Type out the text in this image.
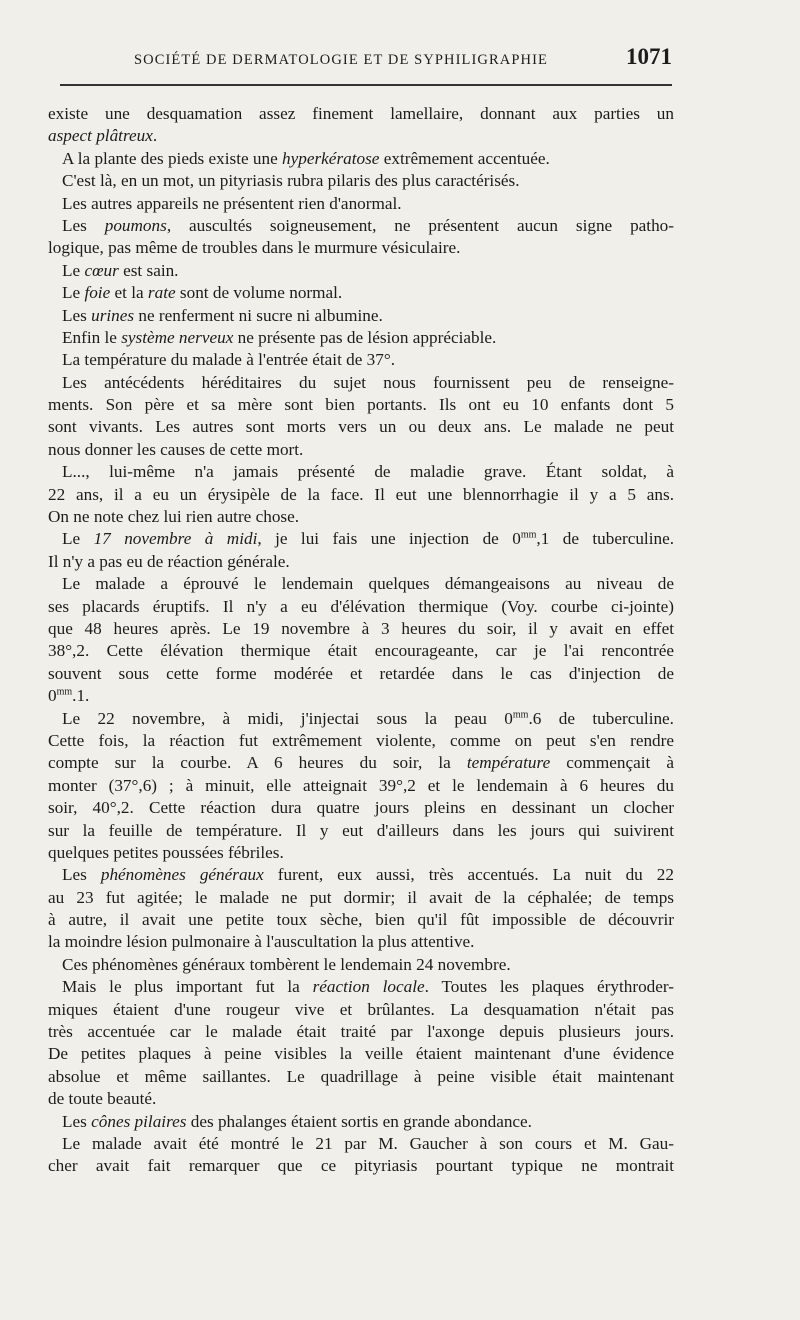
SOCIÉTÉ DE DERMATOLOGIE ET DE SYPHILIGRAPHIE	1071
existe une desquamation assez finement lamellaire, donnant aux parties un
aspect plâtreux.
A la plante des pieds existe une hyperkératose extrêmement accentuée.
C'est là, en un mot, un pityriasis rubra pilaris des plus caractérisés.
Les autres appareils ne présentent rien d'anormal.
Les poumons, auscultés soigneusement, ne présentent aucun signe patho-
logique, pas même de troubles dans le murmure vésiculaire.
Le cœur est sain.
Le foie et la rate sont de volume normal.
Les urines ne renferment ni sucre ni albumine.
Enfin le système nerveux ne présente pas de lésion appréciable.
La température du malade à l'entrée était de 37°.
Les antécédents héréditaires du sujet nous fournissent peu de renseigne-
ments. Son père et sa mère sont bien portants. Ils ont eu 10 enfants dont 5
sont vivants. Les autres sont morts vers un ou deux ans. Le malade ne peut
nous donner les causes de cette mort.
L..., lui-même n'a jamais présenté de maladie grave. Étant soldat, à
22 ans, il a eu un érysipèle de la face. Il eut une blennorrhagie il y a 5 ans.
On ne note chez lui rien autre chose.
Le 17 novembre à midi, je lui fais une injection de $0^{mm},1$ de tuberculine.
Il n'y a pas eu de réaction générale.
Le malade a éprouvé le lendemain quelques démangeaisons au niveau de
ses placards éruptifs. Il n'y a eu d'élévation thermique (Voy. courbe ci-jointe)
que 48 heures après. Le 19 novembre à 3 heures du soir, il y avait en effet
38°,2. Cette élévation thermique était encourageante, car je l'ai rencontrée
souvent sous cette forme modérée et retardée dans le cas d'injection de
$0^{mm}.1$.
Le 22 novembre, à midi, j'injectai sous la peau $0^{mm}.6$ de tuberculine.
Cette fois, la réaction fut extrêmement violente, comme on peut s'en rendre
compte sur la courbe. A 6 heures du soir, la température commençait à
monter (37°,6) ; à minuit, elle atteignait 39°,2 et le lendemain à 6 heures du
soir, 40°,2. Cette réaction dura quatre jours pleins en dessinant un clocher
sur la feuille de température. Il y eut d'ailleurs dans les jours qui suivirent
quelques petites poussées fébriles.
Les phénomènes généraux furent, eux aussi, très accentués. La nuit du 22
au 23 fut agitée; le malade ne put dormir; il avait de la céphalée; de temps
à autre, il avait une petite toux sèche, bien qu'il fût impossible de découvrir
la moindre lésion pulmonaire à l'auscultation la plus attentive.
Ces phénomènes généraux tombèrent le lendemain 24 novembre.
Mais le plus important fut la réaction locale. Toutes les plaques érythroder-
miques étaient d'une rougeur vive et brûlantes. La desquamation n'était pas
très accentuée car le malade était traité par l'axonge depuis plusieurs jours.
De petites plaques à peine visibles la veille étaient maintenant d'une évidence
absolue et même saillantes. Le quadrillage à peine visible était maintenant
de toute beauté.
Les cônes pilaires des phalanges étaient sortis en grande abondance.
Le malade avait été montré le 21 par M. Gaucher à son cours et M. Gau-
cher avait fait remarquer que ce pityriasis pourtant typique ne montrait
